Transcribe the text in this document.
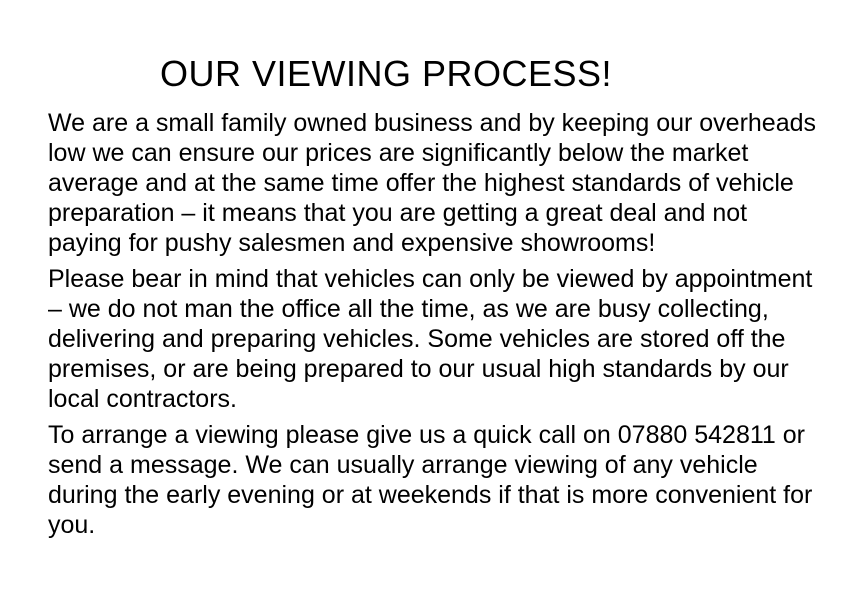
OUR VIEWING PROCESS!
We are a small family owned business and by keeping our overheads
low we can ensure our prices are significantly below the market
average and at the same time offer the highest standards of vehicle
preparation – it means that you are getting a great deal and not
paying for pushy salesmen and expensive showrooms!
Please bear in mind that vehicles can only be viewed by appointment
– we do not man the office all the time, as we are busy collecting,
delivering and preparing vehicles. Some vehicles are stored off the
premises, or are being prepared to our usual high standards by our
local contractors.
To arrange a viewing please give us a quick call on 07880 542811 or
send a message. We can usually arrange viewing of any vehicle
during the early evening or at weekends if that is more convenient for
you.
